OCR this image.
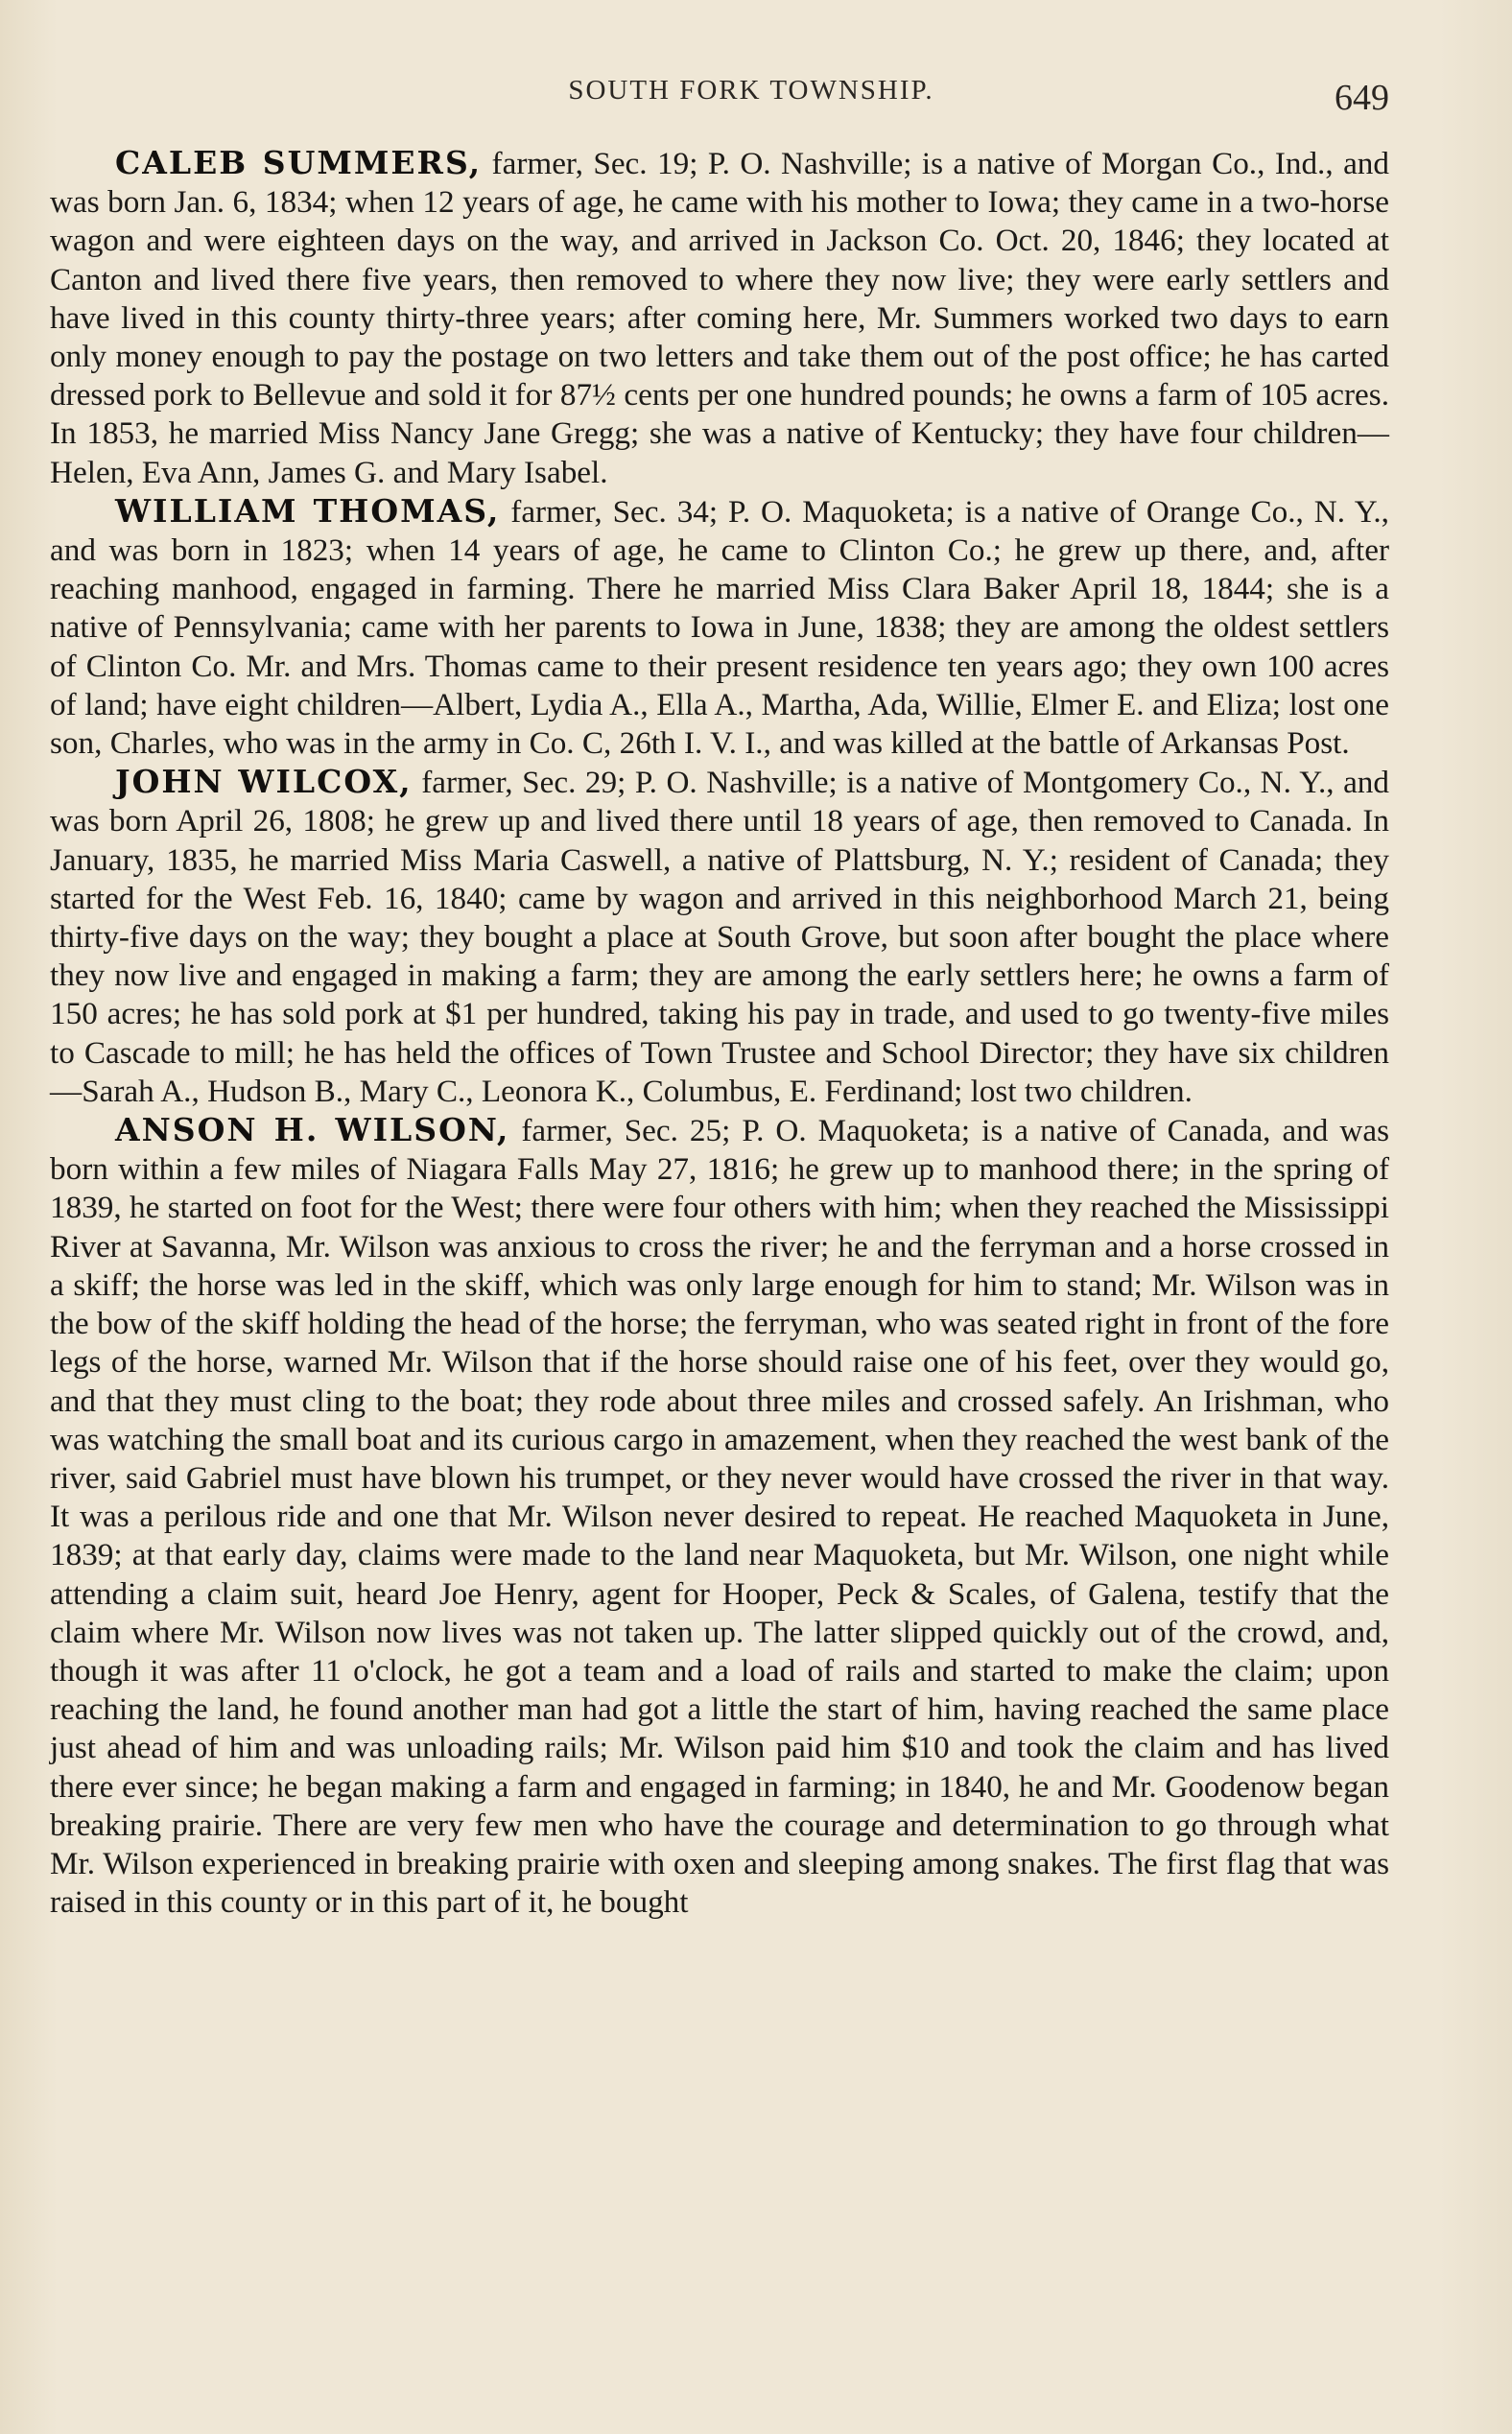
SOUTH FORK TOWNSHIP.	649

CALEB SUMMERS, farmer, Sec. 19; P. O. Nashville; is a native of Morgan Co., Ind., and was born Jan. 6, 1834; when 12 years of age, he came with his mother to Iowa; they came in a two-horse wagon and were eighteen days on the way, and arrived in Jackson Co. Oct. 20, 1846; they located at Canton and lived there five years, then removed to where they now live; they were early settlers and have lived in this county thirty-three years; after coming here, Mr. Summers worked two days to earn only money enough to pay the postage on two letters and take them out of the post office; he has carted dressed pork to Bellevue and sold it for 87½ cents per one hundred pounds; he owns a farm of 105 acres. In 1853, he married Miss Nancy Jane Gregg; she was a native of Kentucky; they have four children—Helen, Eva Ann, James G. and Mary Isabel.

WILLIAM THOMAS, farmer, Sec. 34; P. O. Maquoketa; is a native of Orange Co., N. Y., and was born in 1823; when 14 years of age, he came to Clinton Co.; he grew up there, and, after reaching manhood, engaged in farming. There he married Miss Clara Baker April 18, 1844; she is a native of Pennsylvania; came with her parents to Iowa in June, 1838; they are among the oldest settlers of Clinton Co. Mr. and Mrs. Thomas came to their present residence ten years ago; they own 100 acres of land; have eight children—Albert, Lydia A., Ella A., Martha, Ada, Willie, Elmer E. and Eliza; lost one son, Charles, who was in the army in Co. C, 26th I. V. I., and was killed at the battle of Arkansas Post.

JOHN WILCOX, farmer, Sec. 29; P. O. Nashville; is a native of Montgomery Co., N. Y., and was born April 26, 1808; he grew up and lived there until 18 years of age, then removed to Canada. In January, 1835, he married Miss Maria Caswell, a native of Plattsburg, N. Y.; resident of Canada; they started for the West Feb. 16, 1840; came by wagon and arrived in this neighborhood March 21, being thirty-five days on the way; they bought a place at South Grove, but soon after bought the place where they now live and engaged in making a farm; they are among the early settlers here; he owns a farm of 150 acres; he has sold pork at $1 per hundred, taking his pay in trade, and used to go twenty-five miles to Cascade to mill; he has held the offices of Town Trustee and School Director; they have six children—Sarah A., Hudson B., Mary C., Leonora K., Columbus, E. Ferdinand; lost two children.

ANSON H. WILSON, farmer, Sec. 25; P. O. Maquoketa; is a native of Canada, and was born within a few miles of Niagara Falls May 27, 1816; he grew up to manhood there; in the spring of 1839, he started on foot for the West; there were four others with him; when they reached the Mississippi River at Savanna, Mr. Wilson was anxious to cross the river; he and the ferryman and a horse crossed in a skiff; the horse was led in the skiff, which was only large enough for him to stand; Mr. Wilson was in the bow of the skiff holding the head of the horse; the ferryman, who was seated right in front of the fore legs of the horse, warned Mr. Wilson that if the horse should raise one of his feet, over they would go, and that they must cling to the boat; they rode about three miles and crossed safely. An Irishman, who was watching the small boat and its curious cargo in amazement, when they reached the west bank of the river, said Gabriel must have blown his trumpet, or they never would have crossed the river in that way. It was a perilous ride and one that Mr. Wilson never desired to repeat. He reached Maquoketa in June, 1839; at that early day, claims were made to the land near Maquoketa, but Mr. Wilson, one night while attending a claim suit, heard Joe Henry, agent for Hooper, Peck & Scales, of Galena, testify that the claim where Mr. Wilson now lives was not taken up. The latter slipped quickly out of the crowd, and, though it was after 11 o'clock, he got a team and a load of rails and started to make the claim; upon reaching the land, he found another man had got a little the start of him, having reached the same place just ahead of him and was unloading rails; Mr. Wilson paid him $10 and took the claim and has lived there ever since; he began making a farm and engaged in farming; in 1840, he and Mr. Goodenow began breaking prairie. There are very few men who have the courage and determination to go through what Mr. Wilson experienced in breaking prairie with oxen and sleeping among snakes. The first flag that was raised in this county or in this part of it, he bought
